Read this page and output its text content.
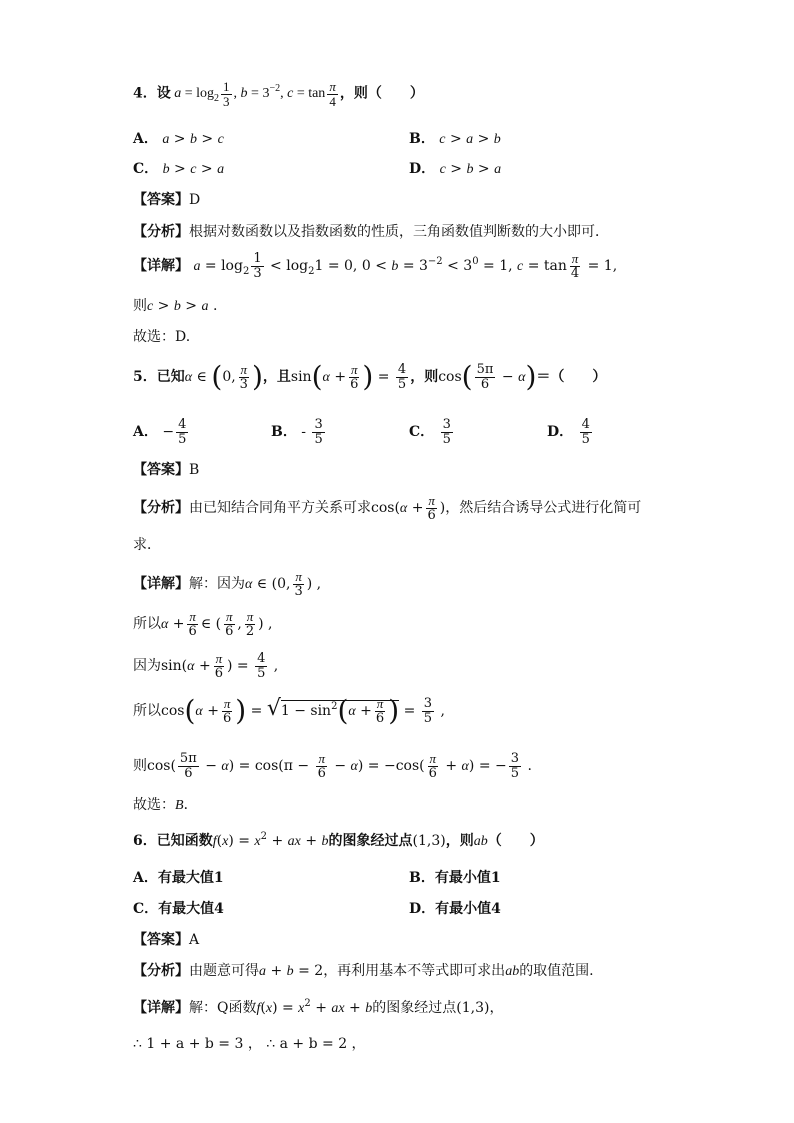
4．设 $a = \log_2 \frac{1}{3}$ , $b = 3^{-2}$, $c = \tan \frac{\pi}{4}$ ，则（　　）
A． a > b > c	B． c > a > b
C． b > c > a	D． c > b > a
【答案】D
【分析】根据对数函数以及指数函数的性质，三角函数值判断数的大小即可．
【详解】 $a = \log_2 \frac{1}{3} < \log_21 = 0$, $0 < b = 3^{-2} < 3^0 = 1$, $c = \tan \frac{\pi}{4} = 1$,
则c > b > a .
故选：D.
5．已知α ∈ (0, $\frac{\pi}{3}$ )，且$\sin(\alpha + \frac{\pi}{6}$ ) = $\frac{4}{5}$ ，则$\cos( \frac{5\pi}{6} - \alpha)=$（　　）
A． − $\frac{4}{5}$	B． - $\frac{3}{5}$	C． $\frac{3}{5}$	D． $\frac{4}{5}$
【答案】B
【分析】由已知结合同角平方关系可求$\cos(\alpha + \frac{\pi}{6}$ )，然后结合诱导公式进行化简可
求．
【详解】解：因为α ∈ (0, $\frac{\pi}{3}$ ) ,
所以$\alpha + \frac{\pi}{6}$ ∈ ( $\frac{\pi}{6}$ , $\frac{\pi}{2}$ ) ,
因为$\sin(\alpha + \frac{\pi}{6}$ ) = $\frac{4}{5}$ ,
所以$\cos(\alpha + \frac{\pi}{6}$ ) = $√1 - \sin^2(\alpha + \frac{\pi}{6}$ ) = $\frac{3}{5}$ ,
则$\cos( \frac{5\pi}{6} - \alpha) = \cos(\pi - \frac{\pi}{6} - \alpha) = -\cos( \frac{\pi}{6} + \alpha)$ = − $\frac{3}{5}$ .
故选：B．
6．已知函数$f(x) = x^2$ + ax + b的图象经过点(1,3)，则ab（　　）
A．有最大值1	B．有最小值1
C．有最大值4	D．有最小值4
【答案】A
【分析】由题意可得a + b = 2，再利用基本不等式即可求出ab的取值范围.
【详解】解：Q函数$f(x) = x^2$ + ax + b的图象经过点(1,3)，
∴ 1 + a + b = 3 ， ∴ a + b = 2 ，
